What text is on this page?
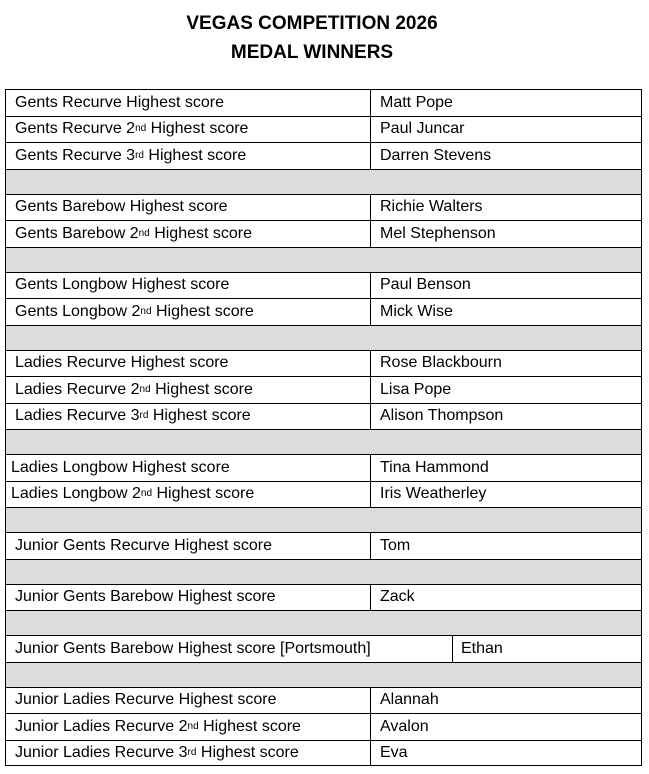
VEGAS COMPETITION 2026
MEDAL WINNERS
Gents Recurve Highest score	Matt Pope
Gents Recurve 2 nd Highest score	Paul Juncar
Gents Recurve 3 rd Highest score	Darren Stevens
Gents Barebow Highest score	Richie Walters
Gents Barebow 2 nd Highest score	Mel Stephenson
Gents Longbow Highest score	Paul Benson
Gents Longbow 2 nd Highest score	Mick Wise
Ladies Recurve Highest score	Rose Blackbourn
Ladies Recurve 2 nd Highest score	Lisa Pope
Ladies Recurve 3 rd Highest score	Alison Thompson
Ladies Longbow Highest score	Tina Hammond
Ladies Longbow 2 nd Highest score	Iris Weatherley
Junior Gents Recurve Highest score	Tom
Junior Gents Barebow Highest score	Zack
Junior Gents Barebow Highest score [Portsmouth]	Ethan
Junior Ladies Recurve Highest score	Alannah
Junior Ladies Recurve 2 nd Highest score	Avalon
Junior Ladies Recurve 3 rd Highest score	Eva
